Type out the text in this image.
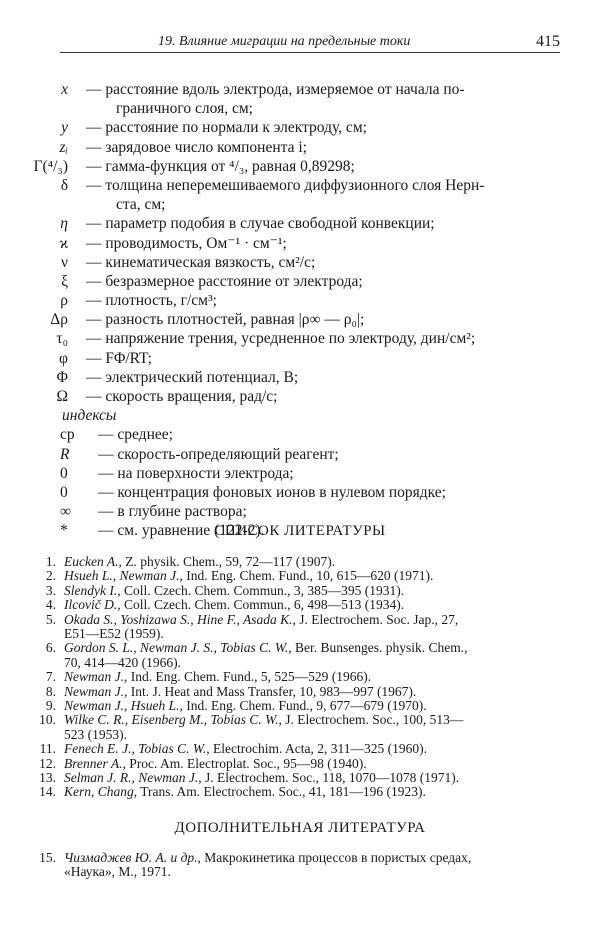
19. Влияние миграции на предельные токи	415
x — расстояние вдоль электрода, измеряемое от начала по-
граничного слоя, см;
y — расстояние по нормали к электроду, см;
zᵢ — зарядовое число компонента i;
Γ(⁴/₃) — гамма-функция от ⁴/₃, равная 0,89298;
δ — толщина неперемешиваемого диффузионного слоя Нерн-
ста, см;
η — параметр подобия в случае свободной конвекции;
ϰ — проводимость, Ом⁻¹ · см⁻¹;
ν — кинематическая вязкость, см²/с;
ξ — безразмерное расстояние от электрода;
ρ — плотность, г/см³;
Δρ — разность плотностей, равная |ρ∞ — ρ₀|;
τ₀ — напряжение трения, усредненное по электроду, дин/см²;
φ — FΦ/RT;
Φ — электрический потенциал, В;
Ω — скорость вращения, рад/с;
индексы
ср	— среднее;
R	— скорость-определяющий реагент;
0	— на поверхности электрода;
0	— концентрация фоновых ионов в нулевом порядке;
∞	— в глубине раствора;
*	— см. уравнение (122-2).
СПИСОК ЛИТЕРАТУРЫ
1. Eucken A., Z. physik. Chem., 59, 72—117 (1907).
2. Hsueh L., Newman J., Ind. Eng. Chem. Fund., 10, 615—620 (1971).
3. Slendyk I., Coll. Czech. Chem. Commun., 3, 385—395 (1931).
4. Ilcovič D., Coll. Czech. Chem. Commun., 6, 498—513 (1934).
5. Okada S., Yoshizawa S., Hine F., Asada K., J. Electrochem. Soc. Jap., 27,
E51—E52 (1959).
6. Gordon S. L., Newman J. S., Tobias C. W., Ber. Bunsenges. physik. Chem.,
70, 414—420 (1966).
7. Newman J., Ind. Eng. Chem. Fund., 5, 525—529 (1966).
8. Newman J., Int. J. Heat and Mass Transfer, 10, 983—997 (1967).
9. Newman J., Hsueh L., Ind. Eng. Chem. Fund., 9, 677—679 (1970).
10. Wilke C. R., Eisenberg M., Tobias C. W., J. Electrochem. Soc., 100, 513—
523 (1953).
11. Fenech E. J., Tobias C. W., Electrochim. Acta, 2, 311—325 (1960).
12. Brenner A., Proc. Am. Electroplat. Soc., 95—98 (1940).
13. Selman J. R., Newman J., J. Electrochem. Soc., 118, 1070—1078 (1971).
14. Kern, Chang, Trans. Am. Electrochem. Soc., 41, 181—196 (1923).
ДОПОЛНИТЕЛЬНАЯ ЛИТЕРАТУРА
15. Чизмаджев Ю. А. и др., Макрокинетика процессов в пористых средах,
«Наука», М., 1971.
